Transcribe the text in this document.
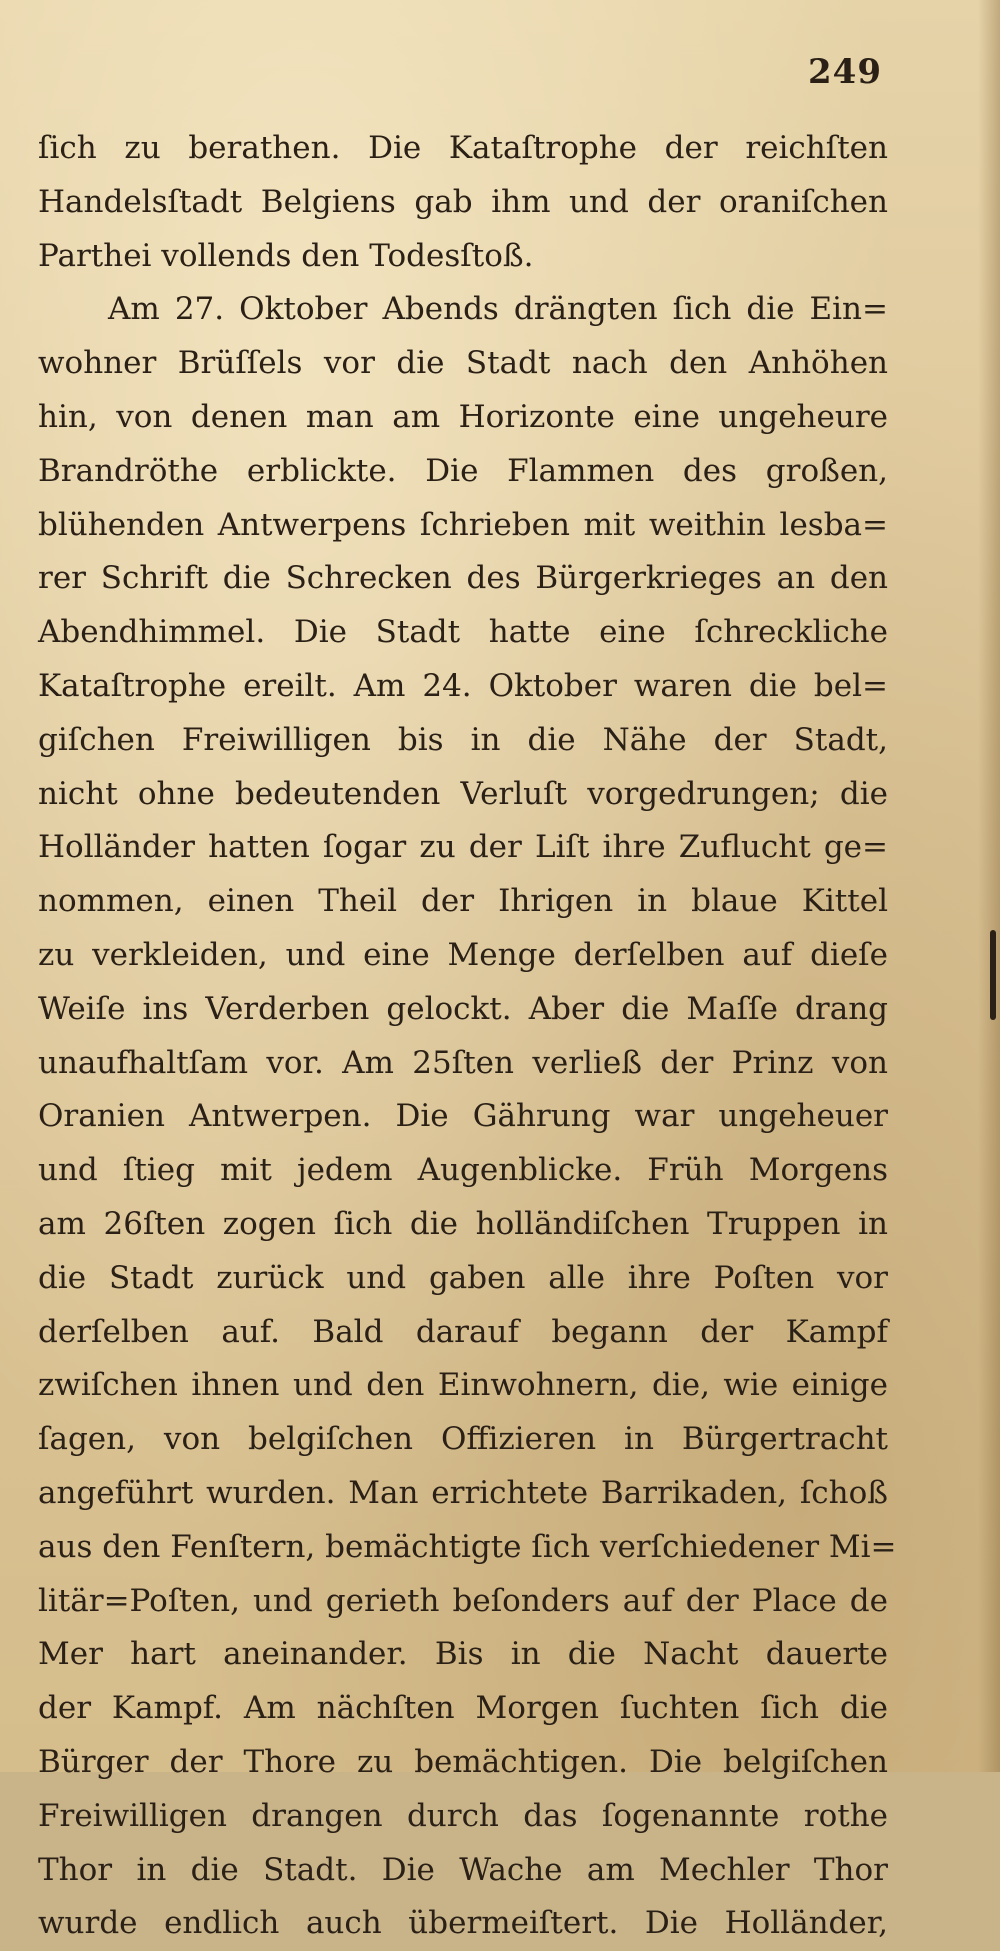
249
ſich zu berathen. Die Kataſtrophe der reichſten
Handelsſtadt Belgiens gab ihm und der oraniſchen
Parthei vollends den Todesſtoß.
Am 27. Oktober Abends drängten ſich die Ein=
wohner Brüſſels vor die Stadt nach den Anhöhen
hin, von denen man am Horizonte eine ungeheure
Brandröthe erblickte. Die Flammen des großen,
blühenden Antwerpens ſchrieben mit weithin lesba=
rer Schrift die Schrecken des Bürgerkrieges an den
Abendhimmel. Die Stadt hatte eine ſchreckliche
Kataſtrophe ereilt. Am 24. Oktober waren die bel=
giſchen Freiwilligen bis in die Nähe der Stadt,
nicht ohne bedeutenden Verluſt vorgedrungen; die
Holländer hatten ſogar zu der Liſt ihre Zuflucht ge=
nommen, einen Theil der Ihrigen in blaue Kittel
zu verkleiden, und eine Menge derſelben auf dieſe
Weiſe ins Verderben gelockt. Aber die Maſſe drang
unaufhaltſam vor. Am 25ſten verließ der Prinz von
Oranien Antwerpen. Die Gährung war ungeheuer
und ſtieg mit jedem Augenblicke. Früh Morgens
am 26ſten zogen ſich die holländiſchen Truppen in
die Stadt zurück und gaben alle ihre Poſten vor
derſelben auf. Bald darauf begann der Kampf
zwiſchen ihnen und den Einwohnern, die, wie einige
ſagen, von belgiſchen Offizieren in Bürgertracht
angeführt wurden. Man errichtete Barrikaden, ſchoß
aus den Fenſtern, bemächtigte ſich verſchiedener Mi=
litär=Poſten, und gerieth beſonders auf der Place de
Mer hart aneinander. Bis in die Nacht dauerte
der Kampf. Am nächſten Morgen ſuchten ſich die
Bürger der Thore zu bemächtigen. Die belgiſchen
Freiwilligen drangen durch das ſogenannte rothe
Thor in die Stadt. Die Wache am Mechler Thor
wurde endlich auch übermeiſtert. Die Holländer,
